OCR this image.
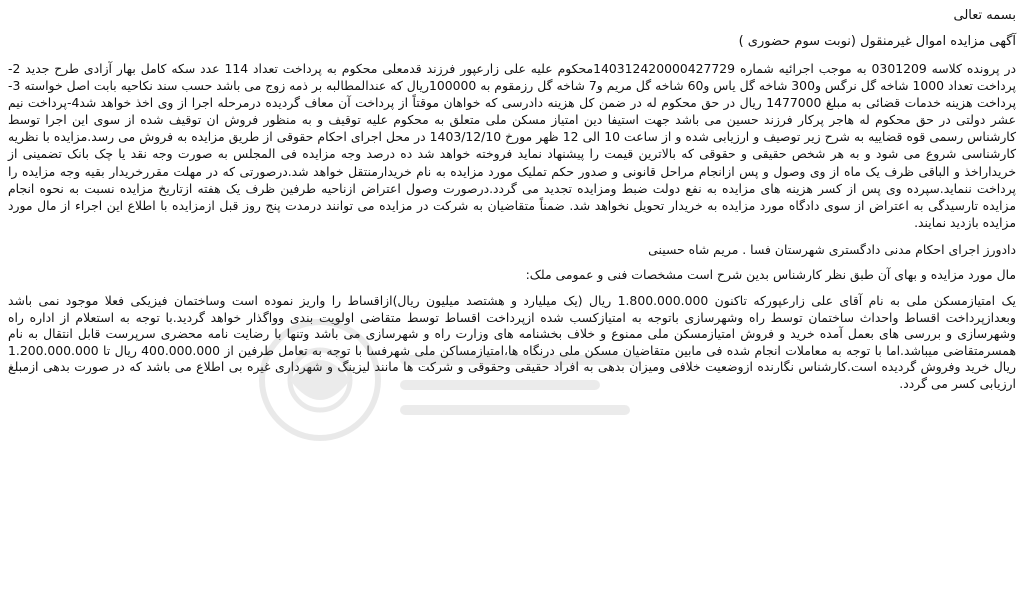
بسمه تعالی
آگهی مزایده اموال غیرمنقول (نوبت سوم حضوری )
در پرونده کلاسه 0301209 به موجب اجرائیه شماره 140312420000427729محکوم علیه علی زارعپور فرزند قدمعلی محکوم به پرداخت تعداد 114 عدد سکه کامل بهار آزادی طرح جدید 2-پرداخت تعداد 1000 شاخه گل نرگس و300 شاخه گل یاس و60 شاخه گل مریم و7 شاخه گل رزمقوم به 100000ریال که عندالمطالبه بر ذمه زوج می باشد حسب سند نکاحیه بابت اصل خواسته 3-پرداخت هزینه خدمات قضائی به مبلغ 1477000 ریال در حق محکوم له در ضمن کل هزینه دادرسی که خواهان موقتاً از پرداخت آن معاف گردیده درمرحله اجرا از وی اخذ خواهد شد4-پرداخت نیم عشر دولتی در حق محکوم له هاجر پرکار فرزند حسین می باشد جهت استیفا دین امتیاز مسکن ملی متعلق به محکوم علیه توقیف و به منظور فروش ان توقیف شده از سوی این اجرا توسط کارشناس رسمی قوه قضاییه به شرح زیر توصیف و ارزیابی شده و از ساعت 10 الی 12 ظهر مورخ 1403/12/10 در محل اجرای احکام حقوقی از طریق مزایده به فروش می رسد.مزایده با نظریه کارشناسی شروع می شود و به هر شخص حقیقی و حقوقی که بالاترین قیمت را پیشنهاد نماید فروخته خواهد شد ده درصد وجه مزایده فی المجلس به صورت وجه نقد یا چک بانک تضمینی از خریداراخذ و الباقی ظرف یک ماه از وی وصول و پس ازانجام مراحل قانونی و صدور حکم تملیک مورد مزایده به نام خریدارمنتقل خواهد شد.درصورتی که در مهلت مقررخریدار بقیه وجه مزایده را پرداخت ننماید.سپرده وی پس از کسر هزینه های مزایده به نفع دولت ضبط ومزایده تجدید می گردد.درصورت وصول اعتراض ازناحیه طرفین ظرف یک هفته ازتاریخ مزایده نسبت به نحوه انجام مزایده تارسیدگی به اعتراض از سوی دادگاه مورد مزایده به خریدار تحویل نخواهد شد. ضمناً متقاضیان به شرکت در مزایده می توانند درمدت پنج روز قبل ازمزایده با اطلاع این اجراء از مال مورد مزایده بازدید نمایند.
دادورز اجرای احکام مدنی دادگستری شهرستان فسا . مریم شاه حسینی
مال مورد مزایده و بهای آن طبق نظر کارشناس بدین شرح است مشخصات فنی و عمومی ملک:
یک امتیازمسکن ملی به نام آقای علی زارعپورکه تاکنون 1.800.000.000 ریال (یک میلیارد و هشتصد میلیون ریال)ازاقساط را واریز نموده است وساختمان فیزیکی فعلا موجود نمی باشد وبعدازپرداخت اقساط واحداث ساختمان توسط راه وشهرسازی باتوجه به امتیازکسب شده ازپرداخت اقساط توسط متقاضی اولویت بندی وواگذار خواهد گردید.با توجه به استعلام از اداره راه وشهرسازی و بررسی های بعمل آمده خرید و فروش امتیازمسکن ملی ممنوع و خلاف بخشنامه های وزارت راه و شهرسازی می باشد وتنها با رضایت نامه محضری سرپرست قابل انتقال به نام همسرمتقاضی میباشد.اما با توجه به معاملات انجام شده فی مابین متقاضیان مسکن ملی درنگاه ها،امتیازمساکن ملی شهرفسا با توجه به تعامل طرفین از 400.000.000 ریال تا 1.200.000.000 ریال خرید وفروش گردیده است.کارشناس نگارنده ازوضعیت خلافی ومیزان بدهی به افراد حقیقی وحقوقی و شرکت ها مانند لیزینگ و شهرداری غیره بی اطلاع می باشد که در صورت بدهی ازمبلغ ارزیابی کسر می گردد.
